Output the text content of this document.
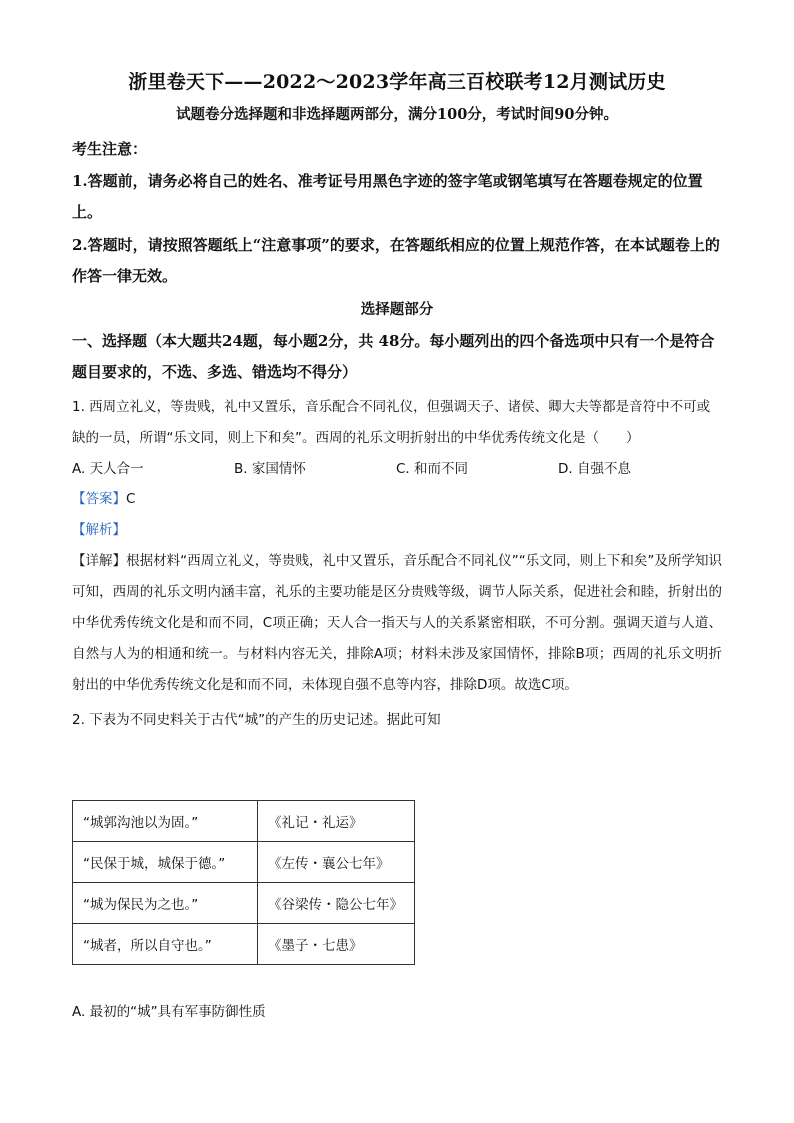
浙里卷天下——2022～2023学年高三百校联考12月测试历史
试题卷分选择题和非选择题两部分，满分100分，考试时间90分钟。
考生注意：
1.答题前，请务必将自己的姓名、准考证号用黑色字迹的签字笔或钢笔填写在答题卷规定的位置上。
2.答题时，请按照答题纸上“注意事项”的要求，在答题纸相应的位置上规范作答，在本试题卷上的作答一律无效。
选择题部分
一、选择题（本大题共24题，每小题2分，共 48分。每小题列出的四个备选项中只有一个是符合题目要求的，不选、多选、错选均不得分）
1. 西周立礼义，等贵贱，礼中又置乐，音乐配合不同礼仪，但强调天子、诸侯、卿大夫等都是音符中不可或缺的一员，所谓“乐文同，则上下和矣”。西周的礼乐文明折射出的中华优秀传统文化是（　　）
A. 天人合一	B. 家国情怀	C. 和而不同	D. 自强不息
【答案】C
【解析】
【详解】根据材料“西周立礼义，等贵贱，礼中又置乐，音乐配合不同礼仪”“乐文同，则上下和矣”及所学知识可知，西周的礼乐文明内涵丰富，礼乐的主要功能是区分贵贱等级，调节人际关系，促进社会和睦，折射出的中华优秀传统文化是和而不同，C项正确；天人合一指天与人的关系紧密相联，不可分割。强调天道与人道、自然与人为的相通和统一。与材料内容无关，排除A项；材料未涉及家国情怀，排除B项；西周的礼乐文明折射出的中华优秀传统文化是和而不同，未体现自强不息等内容，排除D项。故选C项。
2. 下表为不同史料关于古代“城”的产生的历史记述。据此可知
“城郭沟池以为固。”	《礼记・礼运》
“民保于城，城保于德。”	《左传・襄公七年》
“城为保民为之也。”	《谷梁传・隐公七年》
“城者，所以自守也。”	《墨子・七患》
A. 最初的“城”具有军事防御性质
